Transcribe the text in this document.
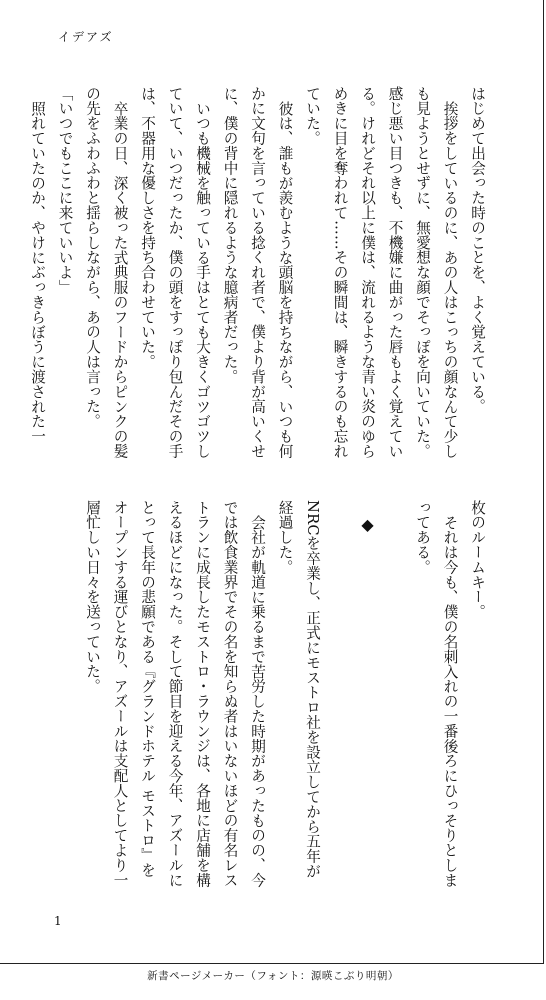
イデアズ

はじめて出会った時のことを、よく覚えている。

挨拶をしているのに、あの人はこっちの顔なんて少しも見ようとせずに、無愛想な顔でそっぽを向いていた。感じ悪い目つきも、不機嫌に曲がった唇もよく覚えている。けれどそれ以上に僕は、流れるような青い炎のゆらめきに目を奪われて……その瞬間は、瞬きするのも忘れていた。

彼は、誰もが羨むような頭脳を持ちながら、いつも何かに文句を言っている捻くれ者で、僕より背が高いくせに、僕の背中に隠れるような臆病者だった。

いつも機械を触っている手はとても大きくゴツゴツしていて、いつだったか、僕の頭をすっぽり包んだその手は、不器用な優しさを持ち合わせていた。

卒業の日、深く被った式典服のフードからピンクの髪の先をふわふわと揺らしながら、あの人は言った。

「いつでもここに来ていいよ」

照れていたのか、やけにぶっきらぼうに渡された一

枚のルームキー。

それは今も、僕の名刺入れの一番後ろにひっそりとしまってある。

◆

NRCを卒業し、正式にモストロ社を設立してから五年が経過した。

会社が軌道に乗るまで苦労した時期があったものの、今では飲食業界でその名を知らぬ者はいないほどの有名レストランに成長したモストロ・ラウンジは、各地に店舗を構えるほどになった。そして節目を迎える今年、アズールにとって長年の悲願である『グランドホテル モストロ』をオープンする運びとなり、アズールは支配人としてより一層忙しい日々を送っていた。

1
新書ページメーカー（フォント：源暎こぶり明朝）
